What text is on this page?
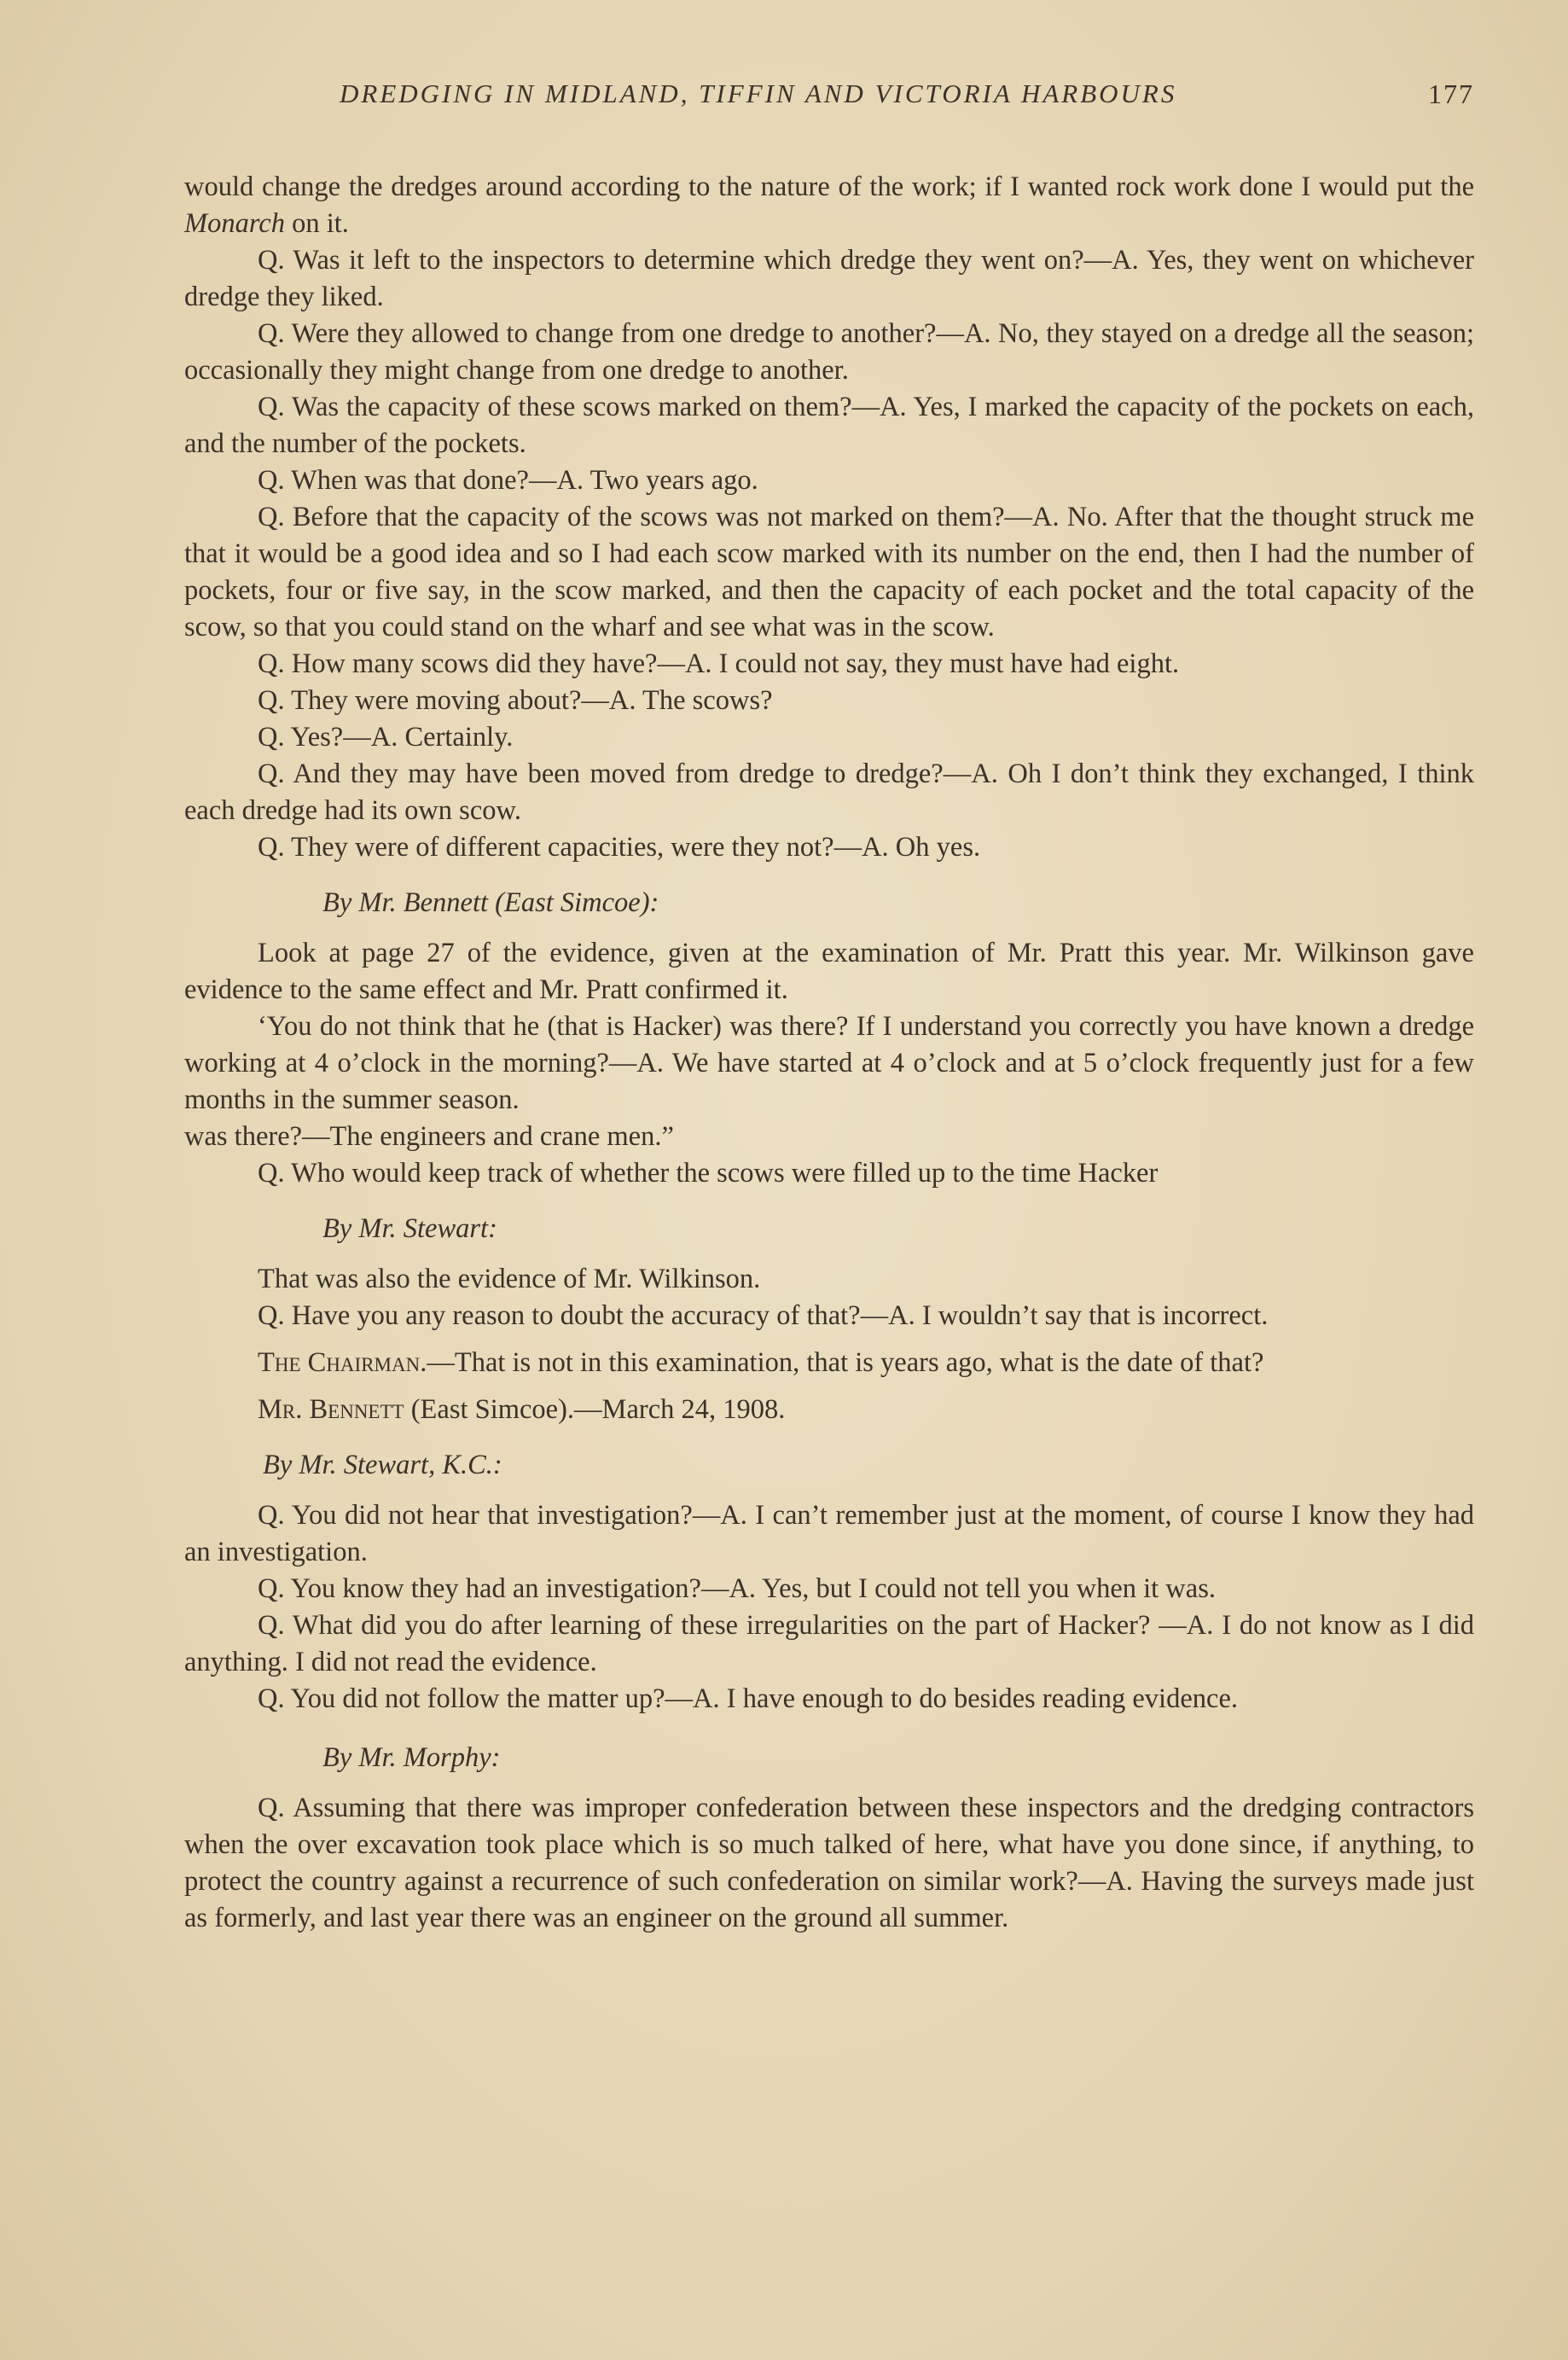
DREDGING IN MIDLAND, TIFFIN AND VICTORIA HARBOURS	177

would change the dredges around according to the nature of the work; if I wanted rock work done I would put the Monarch on it.

Q. Was it left to the inspectors to determine which dredge they went on?—A. Yes, they went on whichever dredge they liked.

Q. Were they allowed to change from one dredge to another?—A. No, they stayed on a dredge all the season; occasionally they might change from one dredge to another.

Q. Was the capacity of these scows marked on them?—A. Yes, I marked the capacity of the pockets on each, and the number of the pockets.

Q. When was that done?—A. Two years ago.

Q. Before that the capacity of the scows was not marked on them?—A. No. After that the thought struck me that it would be a good idea and so I had each scow marked with its number on the end, then I had the number of pockets, four or five say, in the scow marked, and then the capacity of each pocket and the total capacity of the scow, so that you could stand on the wharf and see what was in the scow.

Q. How many scows did they have?—A. I could not say, they must have had eight.

Q. They were moving about?—A. The scows?

Q. Yes?—A. Certainly.

Q. And they may have been moved from dredge to dredge?—A. Oh I don’t think they exchanged, I think each dredge had its own scow.

Q. They were of different capacities, were they not?—A. Oh yes.

By Mr. Bennett (East Simcoe):

Look at page 27 of the evidence, given at the examination of Mr. Pratt this year. Mr. Wilkinson gave evidence to the same effect and Mr. Pratt confirmed it.

‘You do not think that he (that is Hacker) was there? If I understand you correctly you have known a dredge working at 4 o’clock in the morning?—A. We have started at 4 o’clock and at 5 o’clock frequently just for a few months in the summer season.

was there?—The engineers and crane men.”

Q. Who would keep track of whether the scows were filled up to the time Hacker

By Mr. Stewart:

That was also the evidence of Mr. Wilkinson.

Q. Have you any reason to doubt the accuracy of that?—A. I wouldn’t say that is incorrect.

The Chairman.—That is not in this examination, that is years ago, what is the date of that?

Mr. Bennett (East Simcoe).—March 24, 1908.

By Mr. Stewart, K.C.:

Q. You did not hear that investigation?—A. I can’t remember just at the moment, of course I know they had an investigation.

Q. You know they had an investigation?—A. Yes, but I could not tell you when it was.

Q. What did you do after learning of these irregularities on the part of Hacker? —A. I do not know as I did anything. I did not read the evidence.

Q. You did not follow the matter up?—A. I have enough to do besides reading evidence.

By Mr. Morphy:

Q. Assuming that there was improper confederation between these inspectors and the dredging contractors when the over excavation took place which is so much talked of here, what have you done since, if anything, to protect the country against a recurrence of such confederation on similar work?—A. Having the surveys made just as formerly, and last year there was an engineer on the ground all summer.
